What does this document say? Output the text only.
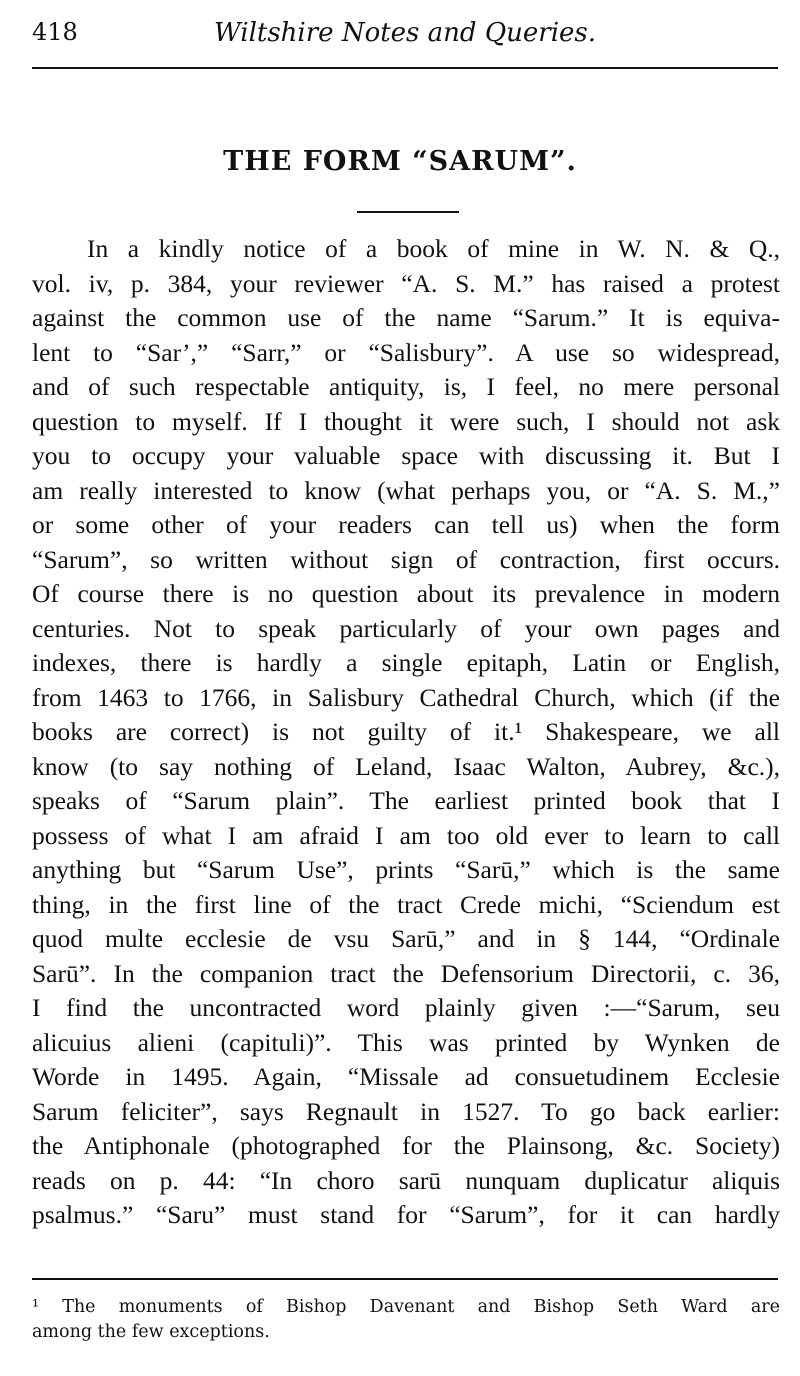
418	Wiltshire Notes and Queries.
THE FORM “SARUM”.
In a kindly notice of a book of mine in W. N. & Q.,
vol. iv, p. 384, your reviewer “A. S. M.” has raised a protest
against the common use of the name “Sarum.” It is equiva-
lent to “Sar’,” “Sarr,” or “Salisbury”. A use so widespread,
and of such respectable antiquity, is, I feel, no mere personal
question to myself. If I thought it were such, I should not ask
you to occupy your valuable space with discussing it. But I
am really interested to know (what perhaps you, or “A. S. M.,”
or some other of your readers can tell us) when the form
“Sarum”, so written without sign of contraction, first occurs.
Of course there is no question about its prevalence in modern
centuries. Not to speak particularly of your own pages and
indexes, there is hardly a single epitaph, Latin or English,
from 1463 to 1766, in Salisbury Cathedral Church, which (if the
books are correct) is not guilty of it.¹ Shakespeare, we all
know (to say nothing of Leland, Isaac Walton, Aubrey, &c.),
speaks of “Sarum plain”. The earliest printed book that I
possess of what I am afraid I am too old ever to learn to call
anything but “Sarum Use”, prints “Sarū,” which is the same
thing, in the first line of the tract Crede michi, “Sciendum est
quod multe ecclesie de vsu Sarū,” and in § 144, “Ordinale
Sarū”. In the companion tract the Defensorium Directorii, c. 36,
I find the uncontracted word plainly given :—“Sarum, seu
alicuius alieni (capituli)”. This was printed by Wynken de
Worde in 1495. Again, “Missale ad consuetudinem Ecclesie
Sarum feliciter”, says Regnault in 1527. To go back earlier:
the Antiphonale (photographed for the Plainsong, &c. Society)
reads on p. 44: “In choro sarū nunquam duplicatur aliquis
psalmus.” “Saru” must stand for “Sarum”, for it can hardly
¹ The monuments of Bishop Davenant and Bishop Seth Ward are
among the few exceptions.
